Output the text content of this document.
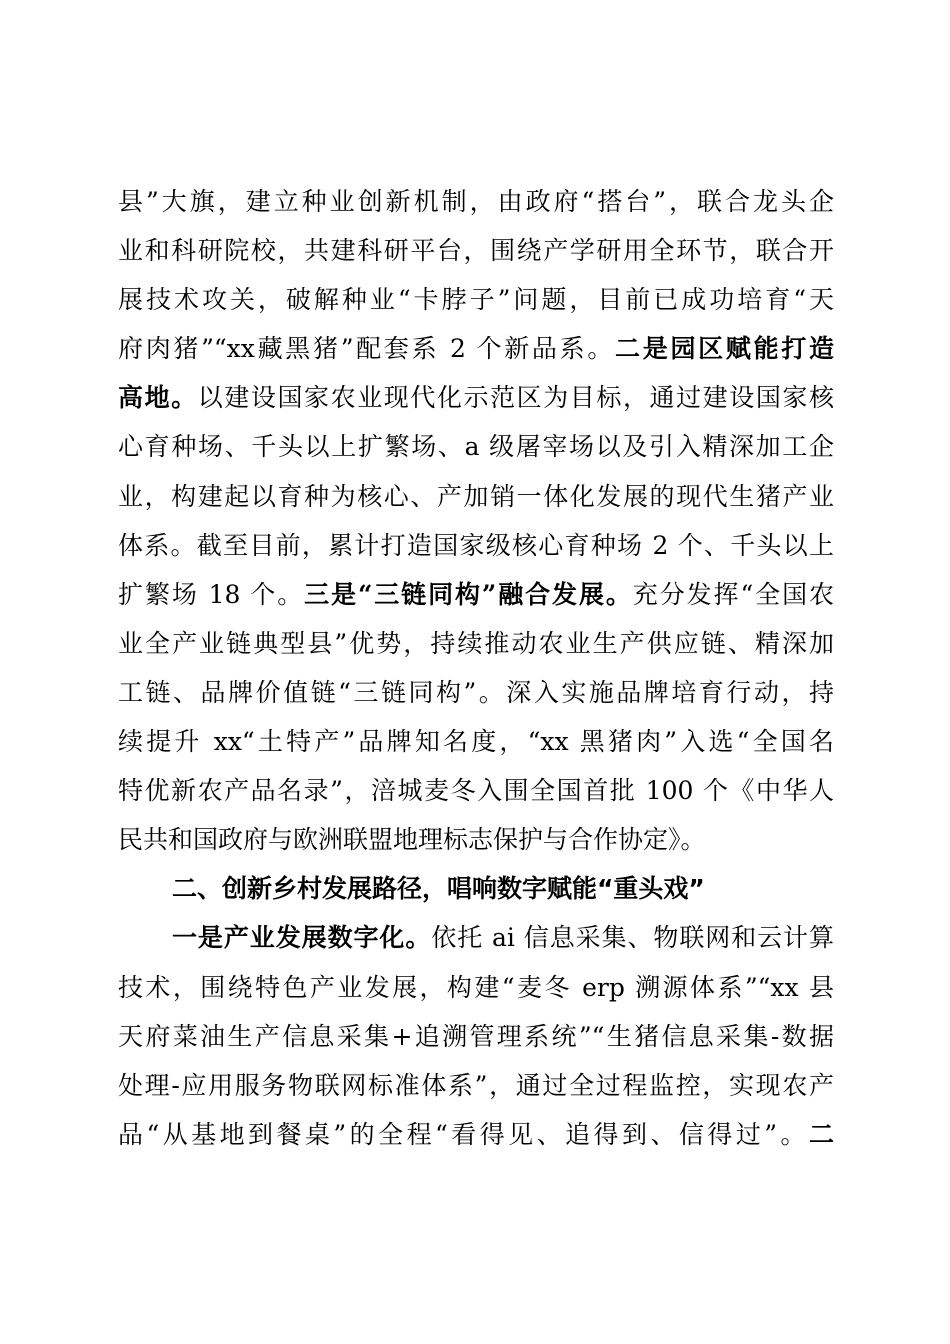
县”大旗，建立种业创新机制，由政府“搭台”，联合龙头企
业和科研院校，共建科研平台，围绕产学研用全环节，联合开
展技术攻关，破解种业“卡脖子”问题，目前已成功培育“天
府肉猪”“xx藏黑猪”配套系 2 个新品系。二是园区赋能打造
高地。以建设国家农业现代化示范区为目标，通过建设国家核
心育种场、千头以上扩繁场、a 级屠宰场以及引入精深加工企
业，构建起以育种为核心、产加销一体化发展的现代生猪产业
体系。截至目前，累计打造国家级核心育种场 2 个、千头以上
扩繁场 18 个。三是“三链同构”融合发展。充分发挥“全国农
业全产业链典型县”优势，持续推动农业生产供应链、精深加
工链、品牌价值链“三链同构”。深入实施品牌培育行动，持
续提升 xx“土特产”品牌知名度，“xx 黑猪肉”入选“全国名
特优新农产品名录”，涪城麦冬入围全国首批 100 个《中华人
民共和国政府与欧洲联盟地理标志保护与合作协定》。
二、创新乡村发展路径，唱响数字赋能“重头戏”
一是产业发展数字化。依托 ai 信息采集、物联网和云计算
技术，围绕特色产业发展，构建“麦冬 erp 溯源体系”“xx 县
天府菜油生产信息采集+追溯管理系统”“生猪信息采集-数据
处理-应用服务物联网标准体系”，通过全过程监控，实现农产
品“从基地到餐桌”的全程“看得见、追得到、信得过”。二
